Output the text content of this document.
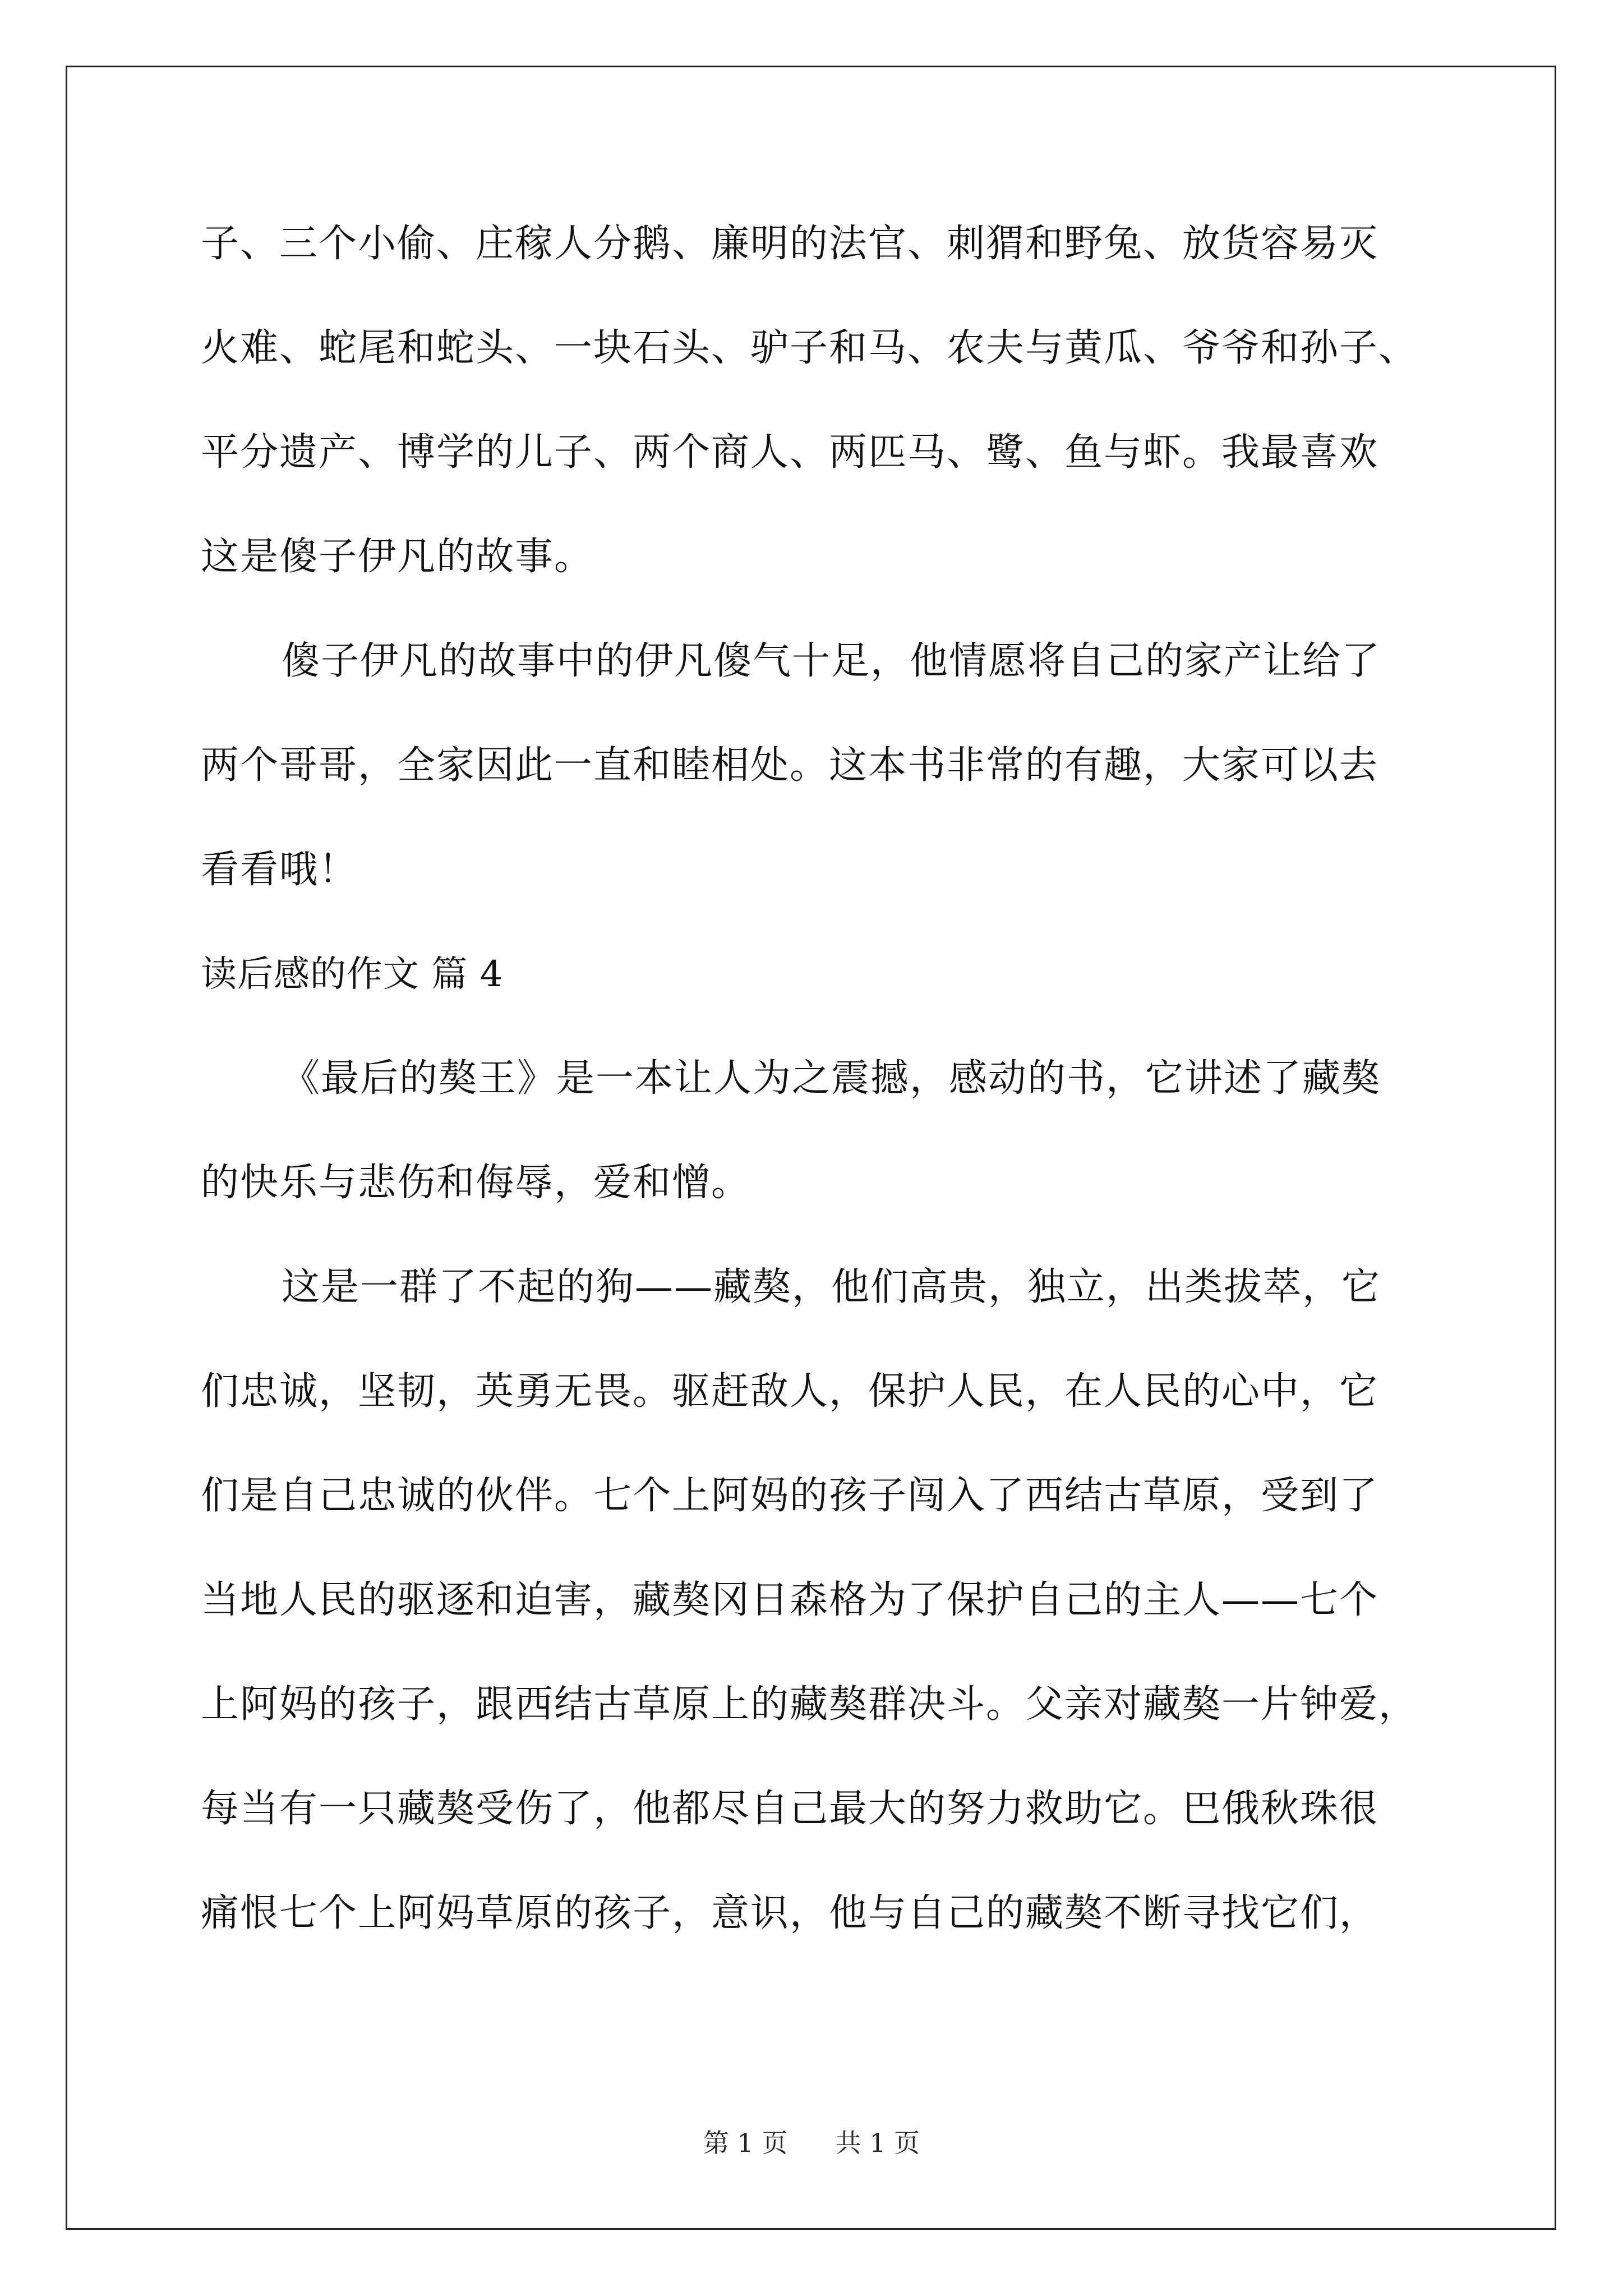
子、三个小偷、庄稼人分鹅、廉明的法官、刺猬和野兔、放货容易灭
火难、蛇尾和蛇头、一块石头、驴子和马、农夫与黄瓜、爷爷和孙子、
平分遗产、博学的儿子、两个商人、两匹马、鹭、鱼与虾。我最喜欢
这是傻子伊凡的故事。
傻子伊凡的故事中的伊凡傻气十足，他情愿将自己的家产让给了
两个哥哥，全家因此一直和睦相处。这本书非常的有趣，大家可以去
看看哦！
读后感的作文 篇 4
《最后的獒王》是一本让人为之震撼，感动的书，它讲述了藏獒
的快乐与悲伤和侮辱，爱和憎。
这是一群了不起的狗——藏獒，他们高贵，独立，出类拔萃，它
们忠诚，坚韧，英勇无畏。驱赶敌人，保护人民，在人民的心中，它
们是自己忠诚的伙伴。七个上阿妈的孩子闯入了西结古草原，受到了
当地人民的驱逐和迫害，藏獒冈日森格为了保护自己的主人——七个
上阿妈的孩子，跟西结古草原上的藏獒群决斗。父亲对藏獒一片钟爱，
每当有一只藏獒受伤了，他都尽自己最大的努力救助它。巴俄秋珠很
痛恨七个上阿妈草原的孩子，意识，他与自己的藏獒不断寻找它们，
第 1 页 共 1 页
